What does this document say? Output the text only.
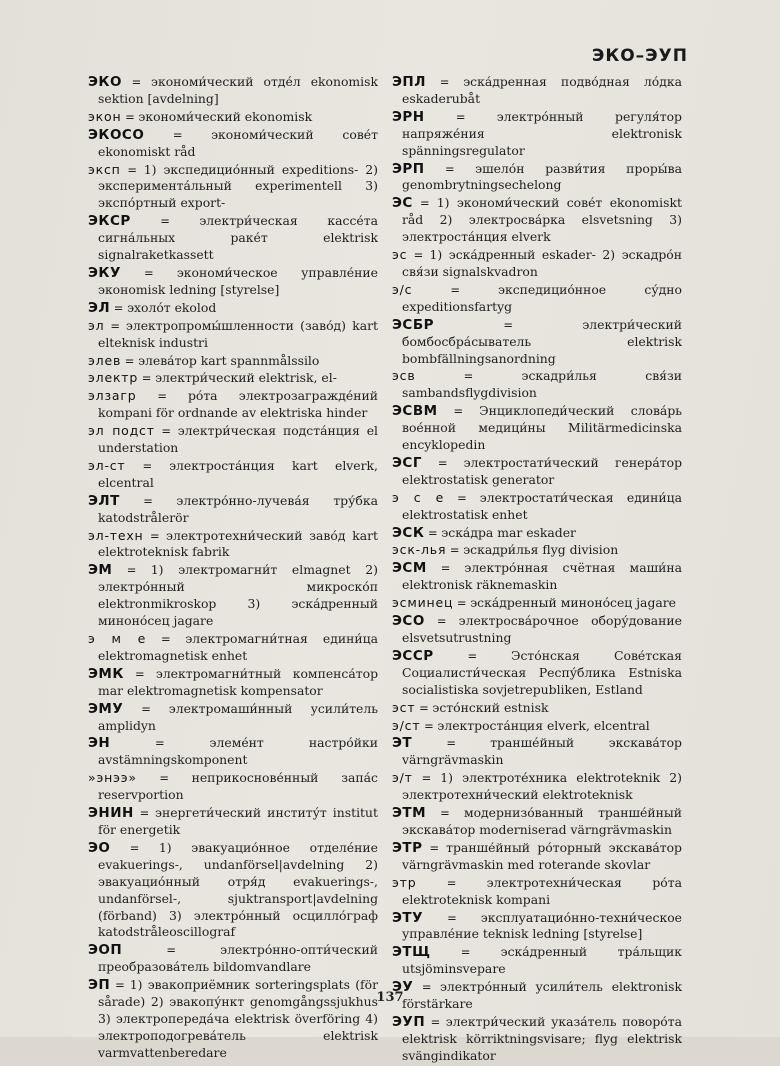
ЭКО–ЭУП
ЭКО = экономи́ческий отде́л ekonomisk sektion [avdelning]
экон = экономи́ческий ekonomisk
ЭКОСО = экономи́ческий сове́т ekonomiskt råd
эксп = 1) экспедицио́нный expeditions- 2) эксперимента́льный experimentell 3) экспо́ртный export-
ЭКСР = электри́ческая кассе́та сигна́льных раке́т elektrisk signalraketkassett
ЭКУ = экономи́ческое управле́ние эконоmisk ledning [styrelse]
ЭЛ = эхоло́т ekolod
эл = электропромы́шленности (заво́д) kart elteknisk industri
элев = элева́тор kart spannmålssilo
электр = электри́ческий elektrisk, el-
элзагр = ро́та электрозагражде́ний kompani för ordnande av elektriska hinder
эл подст = электри́ческая подста́нция el understation
эл-ст = электроста́нция kart elverk, elcentral
ЭЛТ = электро́нно-лучева́я тру́бка katodstrålerör
эл-техн = электротехни́ческий заво́д kart elektroteknisk fabrik
ЭМ = 1) электромагни́т elmagnet 2) электро́нный микроско́п elektronmikroskop 3) эска́дренный миноно́сец jagare
э м е = электромагни́тная едини́ца elektromagnetisk enhet
ЭМК = электромагни́тный компенса́тор mar elektromagnetisk kompensator
ЭМУ = электромаши́нный усили́тель amplidyn
ЭН = элеме́нт настро́йки avstämningskomponent
»энээ» = неприкоснове́нный запа́с reservportion
ЭНИН = энергети́ческий институ́т institut för energetik
ЭО = 1) эвакуацио́нное отделе́ние evakuerings-, undanförsel|avdelning 2) эвакуацио́нный отря́д evakuerings-, undanförsel-, sjuktransport|avdelning (förband) 3) электро́нный осцилло́граф katodstråleoscillograf
ЭОП = электро́нно-опти́ческий преобразова́тель bildomvandlare
ЭП = 1) эвакоприёмник sorteringsplats (för sårade) 2) эвакопу́нкт genomgångssjukhus 3) электропереда́ча elektrisk överföring 4) электроподогрева́тель elektrisk varmvattenberedare
ЭПЛ = эска́дренная подво́дная ло́дка eskaderubåt
ЭРН = электро́нный регуля́тор напряже́ния elektronisk spänningsregulator
ЭРП = эшело́н разви́тия проры́ва genombrytningsechelong
ЭС = 1) экономи́ческий сове́т ekonomiskt råd 2) электросва́рка elsvetsning 3) электроста́нция elverk
эс = 1) эска́дренный eskader- 2) эскадро́н свя́зи signalskvadron
э/с = экспедицио́нное су́дно expeditionsfartyg
ЭСБР = электри́ческий бомбосбра́сыватель elektrisk bombfällningsanordning
эсв = эскадри́лья свя́зи sambandsflygdivision
ЭСВМ = Энциклопеди́ческий слова́рь вое́нной медици́ны Militärmedicinska encyklopedin
ЭСГ = электростати́ческий генера́тор elektrostatisk generator
э с е = электростати́ческая едини́ца elektrostatisk enhet
ЭСК = эска́дра mar eskader
эск-лья = эскадри́лья flyg division
ЭСМ = электро́нная счётная маши́на elektronisk räknemaskin
эсминец = эска́дренный миноно́сец jagare
ЭСО = электросва́рочное обору́дование elsvetsutrustning
ЭССР = Эсто́нская Сове́тская Социалисти́ческая Респу́блика Estniska socialistiska sovjetrepubliken, Estland
эст = эсто́нский estnisk
э/ст = электроста́нция elverk, elcentral
ЭТ = транше́йный экскава́тор värngrävmaskin
э/т = 1) электроте́хника elektroteknik 2) электротехни́ческий elektroteknisk
ЭТМ = модернизо́ванный транше́йный экскава́тор moderniserad värngrävmaskin
ЭТР = транше́йный ро́торный экскава́тор värngrävmaskin med roterande skovlar
этр = электротехни́ческая ро́та elektroteknisk kompani
ЭТУ = эксплуатацио́нно-техни́ческое управле́ние teknisk ledning [styrelse]
ЭТЩ = эска́дренный тра́льщик utsjöminsvepare
ЭУ = электро́нный усили́тель elektronisk förstärkare
ЭУП = электри́ческий указа́тель поворо́та elektrisk körriktningsvisare; flyg elektrisk svängindikator
137
